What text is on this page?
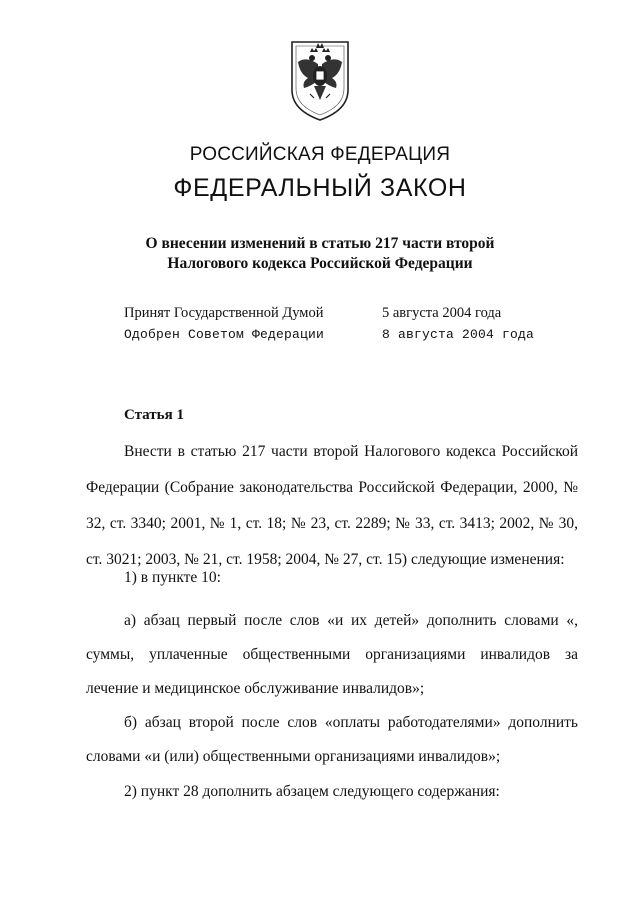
РОССИЙСКАЯ ФЕДЕРАЦИЯ
ФЕДЕРАЛЬНЫЙ ЗАКОН
О внесении изменений в статью 217 части второй
Налогового кодекса Российской Федерации
Принят Государственной Думой	5 августа 2004 года
Одобрен Советом Федерации	8 августа 2004 года
Статья 1
Внести в статью 217 части второй Налогового кодекса Российской Федерации (Собрание законодательства Российской Федерации, 2000, № 32, ст. 3340; 2001, № 1, ст. 18; № 23, ст. 2289; № 33, ст. 3413; 2002, № 30, ст. 3021; 2003, № 21, ст. 1958; 2004, № 27, ст. 15) следующие изменения:
1) в пункте 10:
а) абзац первый после слов «и их детей» дополнить словами «, суммы, уплаченные общественными организациями инвалидов за лечение и медицинское обслуживание инвалидов»;
б) абзац второй после слов «оплаты работодателями» дополнить словами «и (или) общественными организациями инвалидов»;
2) пункт 28 дополнить абзацем следующего содержания:
